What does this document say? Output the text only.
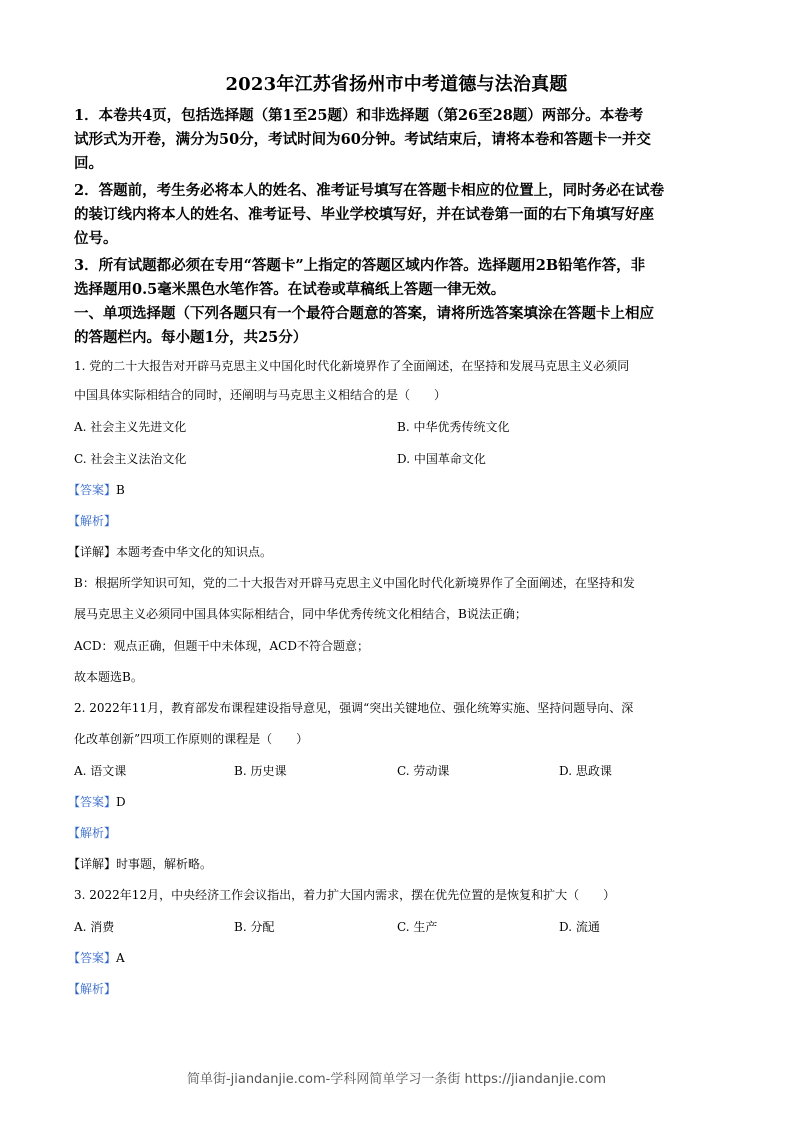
2023年江苏省扬州市中考道德与法治真题
1．本卷共4页，包括选择题（第1至25题）和非选择题（第26至28题）两部分。本卷考
试形式为开卷，满分为50分，考试时间为60分钟。考试结束后，请将本卷和答题卡一并交
回。
2．答题前，考生务必将本人的姓名、准考证号填写在答题卡相应的位置上，同时务必在试卷
的装订线内将本人的姓名、准考证号、毕业学校填写好，并在试卷第一面的右下角填写好座
位号。
3．所有试题都必须在专用“答题卡”上指定的答题区域内作答。选择题用2B铅笔作答，非
选择题用0.5毫米黑色水笔作答。在试卷或草稿纸上答题一律无效。
一、单项选择题（下列各题只有一个最符合题意的答案，请将所选答案填涂在答题卡上相应
的答题栏内。每小题1分，共25分）
1. 党的二十大报告对开辟马克思主义中国化时代化新境界作了全面阐述，在坚持和发展马克思主义必须同
中国具体实际相结合的同时，还阐明与马克思主义相结合的是（　　）
A. 社会主义先进文化	B. 中华优秀传统文化
C. 社会主义法治文化	D. 中国革命文化
【答案】B
【解析】
【详解】本题考查中华文化的知识点。
B：根据所学知识可知，党的二十大报告对开辟马克思主义中国化时代化新境界作了全面阐述，在坚持和发
展马克思主义必须同中国具体实际相结合，同中华优秀传统文化相结合，B说法正确；
ACD：观点正确，但题干中未体现，ACD不符合题意；
故本题选B。
2. 2022年11月，教育部发布课程建设指导意见，强调“突出关键地位、强化统筹实施、坚持问题导向、深
化改革创新”四项工作原则的课程是（　　）
A. 语文课	B. 历史课	C. 劳动课	D. 思政课
【答案】D
【解析】
【详解】时事题，解析略。
3. 2022年12月，中央经济工作会议指出，着力扩大国内需求，摆在优先位置的是恢复和扩大（　　）
A. 消费	B. 分配	C. 生产	D. 流通
【答案】A
【解析】
简单街-jiandanjie.com-学科网简单学习一条街 https://jiandanjie.com
